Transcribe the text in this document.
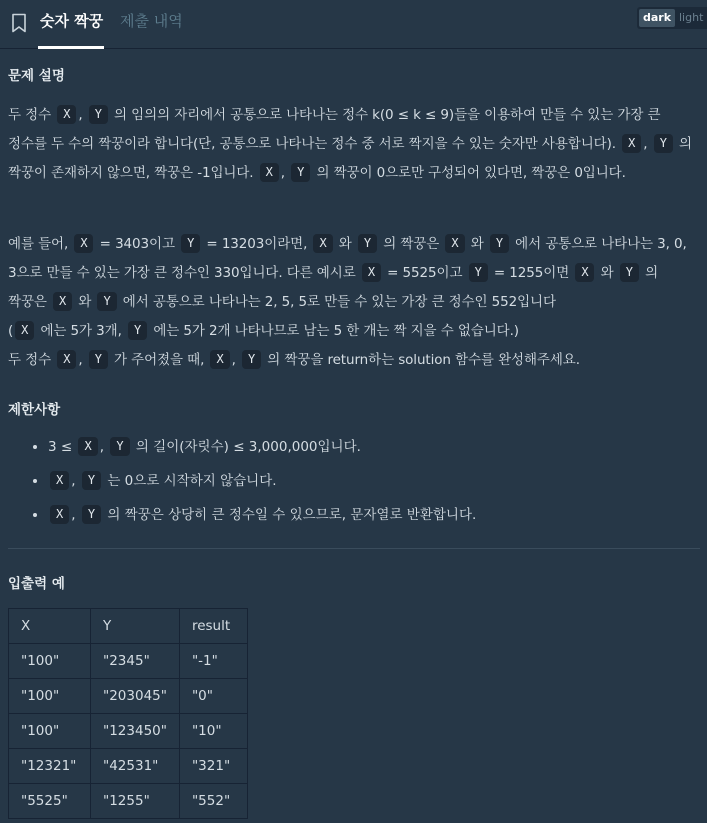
숫자 짝꿍 제출 내역	dark light
문제 설명
두 정수 X , Y 의 임의의 자리에서 공통으로 나타나는 정수 k(0 ≤ k ≤ 9)들을 이용하여 만들 수 있는 가장 큰 정수를 두 수의 짝꿍이라 합니다(단, 공통으로 나타나는 정수 중 서로 짝지을 수 있는 숫자만 사용합니다). X , Y 의 짝꿍이 존재하지 않으면, 짝꿍은 -1입니다. X , Y 의 짝꿍이 0으로만 구성되어 있다면, 짝꿍은 0입니다.
예를 들어, X = 3403이고 Y = 13203이라면, X 와 Y 의 짝꿍은 X 와 Y 에서 공통으로 나타나는 3, 0, 3으로 만들 수 있는 가장 큰 정수인 330입니다. 다른 예시로 X = 5525이고 Y = 1255이면 X 와 Y 의 짝꿍은 X 와 Y 에서 공통으로 나타나는 2, 5, 5로 만들 수 있는 가장 큰 정수인 552입니다
( X 에는 5가 3개, Y 에는 5가 2개 나타나므로 남는 5 한 개는 짝 지을 수 없습니다.)
두 정수 X , Y 가 주어졌을 때, X , Y 의 짝꿍을 return하는 solution 함수를 완성해주세요.
제한사항
• 3 ≤ X , Y 의 길이(자릿수) ≤ 3,000,000입니다.
• X , Y 는 0으로 시작하지 않습니다.
• X , Y 의 짝꿍은 상당히 큰 정수일 수 있으므로, 문자열로 반환합니다.
입출력 예
X	Y	result
"100"	"2345"	"-1"
"100"	"203045"	"0"
"100"	"123450"	"10"
"12321"	"42531"	"321"
"5525"	"1255"	"552"
